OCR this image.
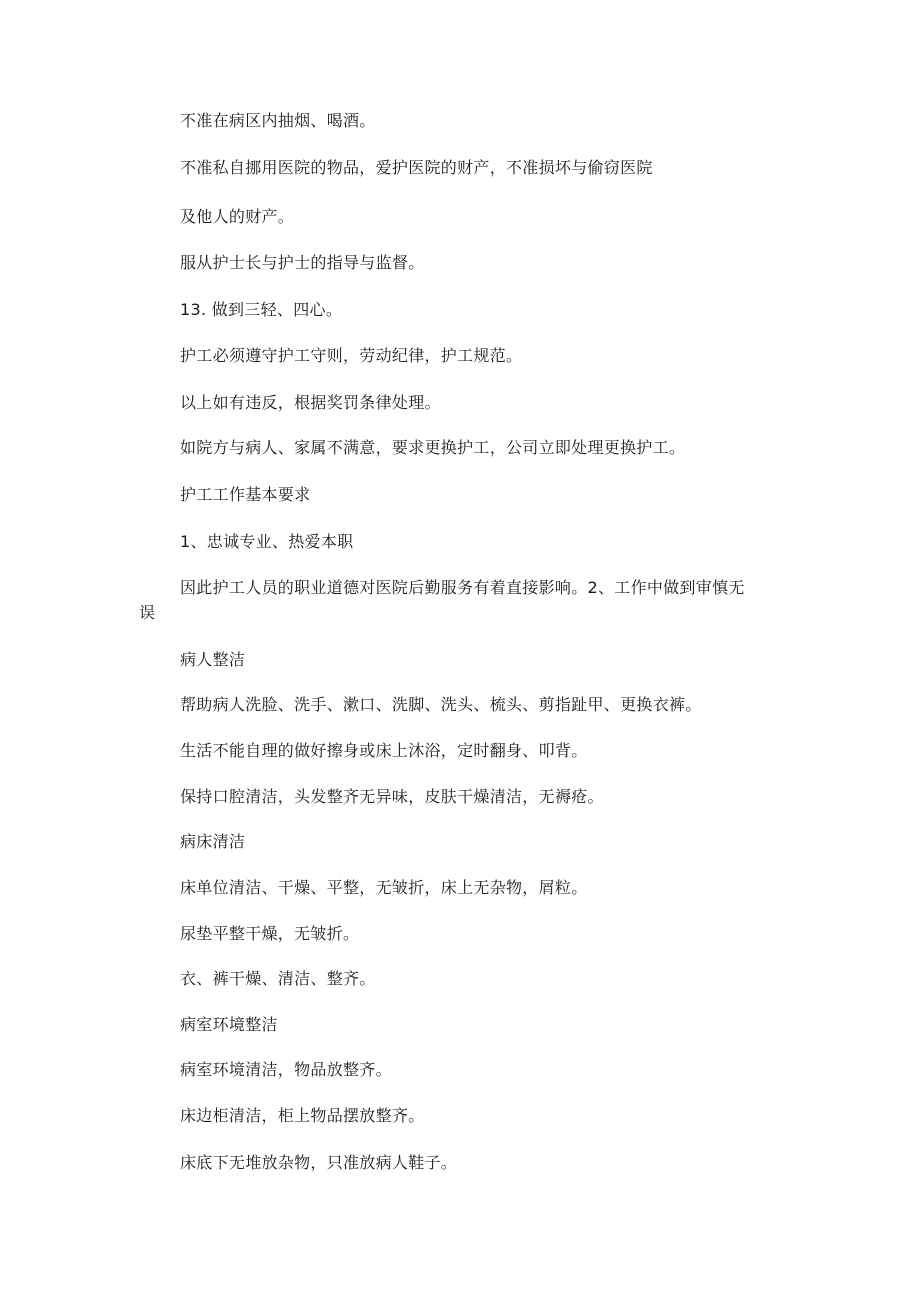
不准在病区内抽烟、喝酒。
不准私自挪用医院的物品，爱护医院的财产，不准损坏与偷窃医院
及他人的财产。
服从护士长与护士的指导与监督。
13. 做到三轻、四心。
护工必须遵守护工守则，劳动纪律，护工规范。
以上如有违反，根据奖罚条律处理。
如院方与病人、家属不满意，要求更换护工，公司立即处理更换护工。
护工工作基本要求
1、忠诚专业、热爱本职
因此护工人员的职业道德对医院后勤服务有着直接影响。2、工作中做到审慎无
误
病人整洁
帮助病人洗脸、洗手、漱口、洗脚、洗头、梳头、剪指趾甲、更换衣裤。
生活不能自理的做好擦身或床上沐浴，定时翻身、叩背。
保持口腔清洁，头发整齐无异味，皮肤干燥清洁，无褥疮。
病床清洁
床单位清洁、干燥、平整，无皱折，床上无杂物，屑粒。
尿垫平整干燥，无皱折。
衣、裤干燥、清洁、整齐。
病室环境整洁
病室环境清洁，物品放整齐。
床边柜清洁，柜上物品摆放整齐。
床底下无堆放杂物，只准放病人鞋子。
